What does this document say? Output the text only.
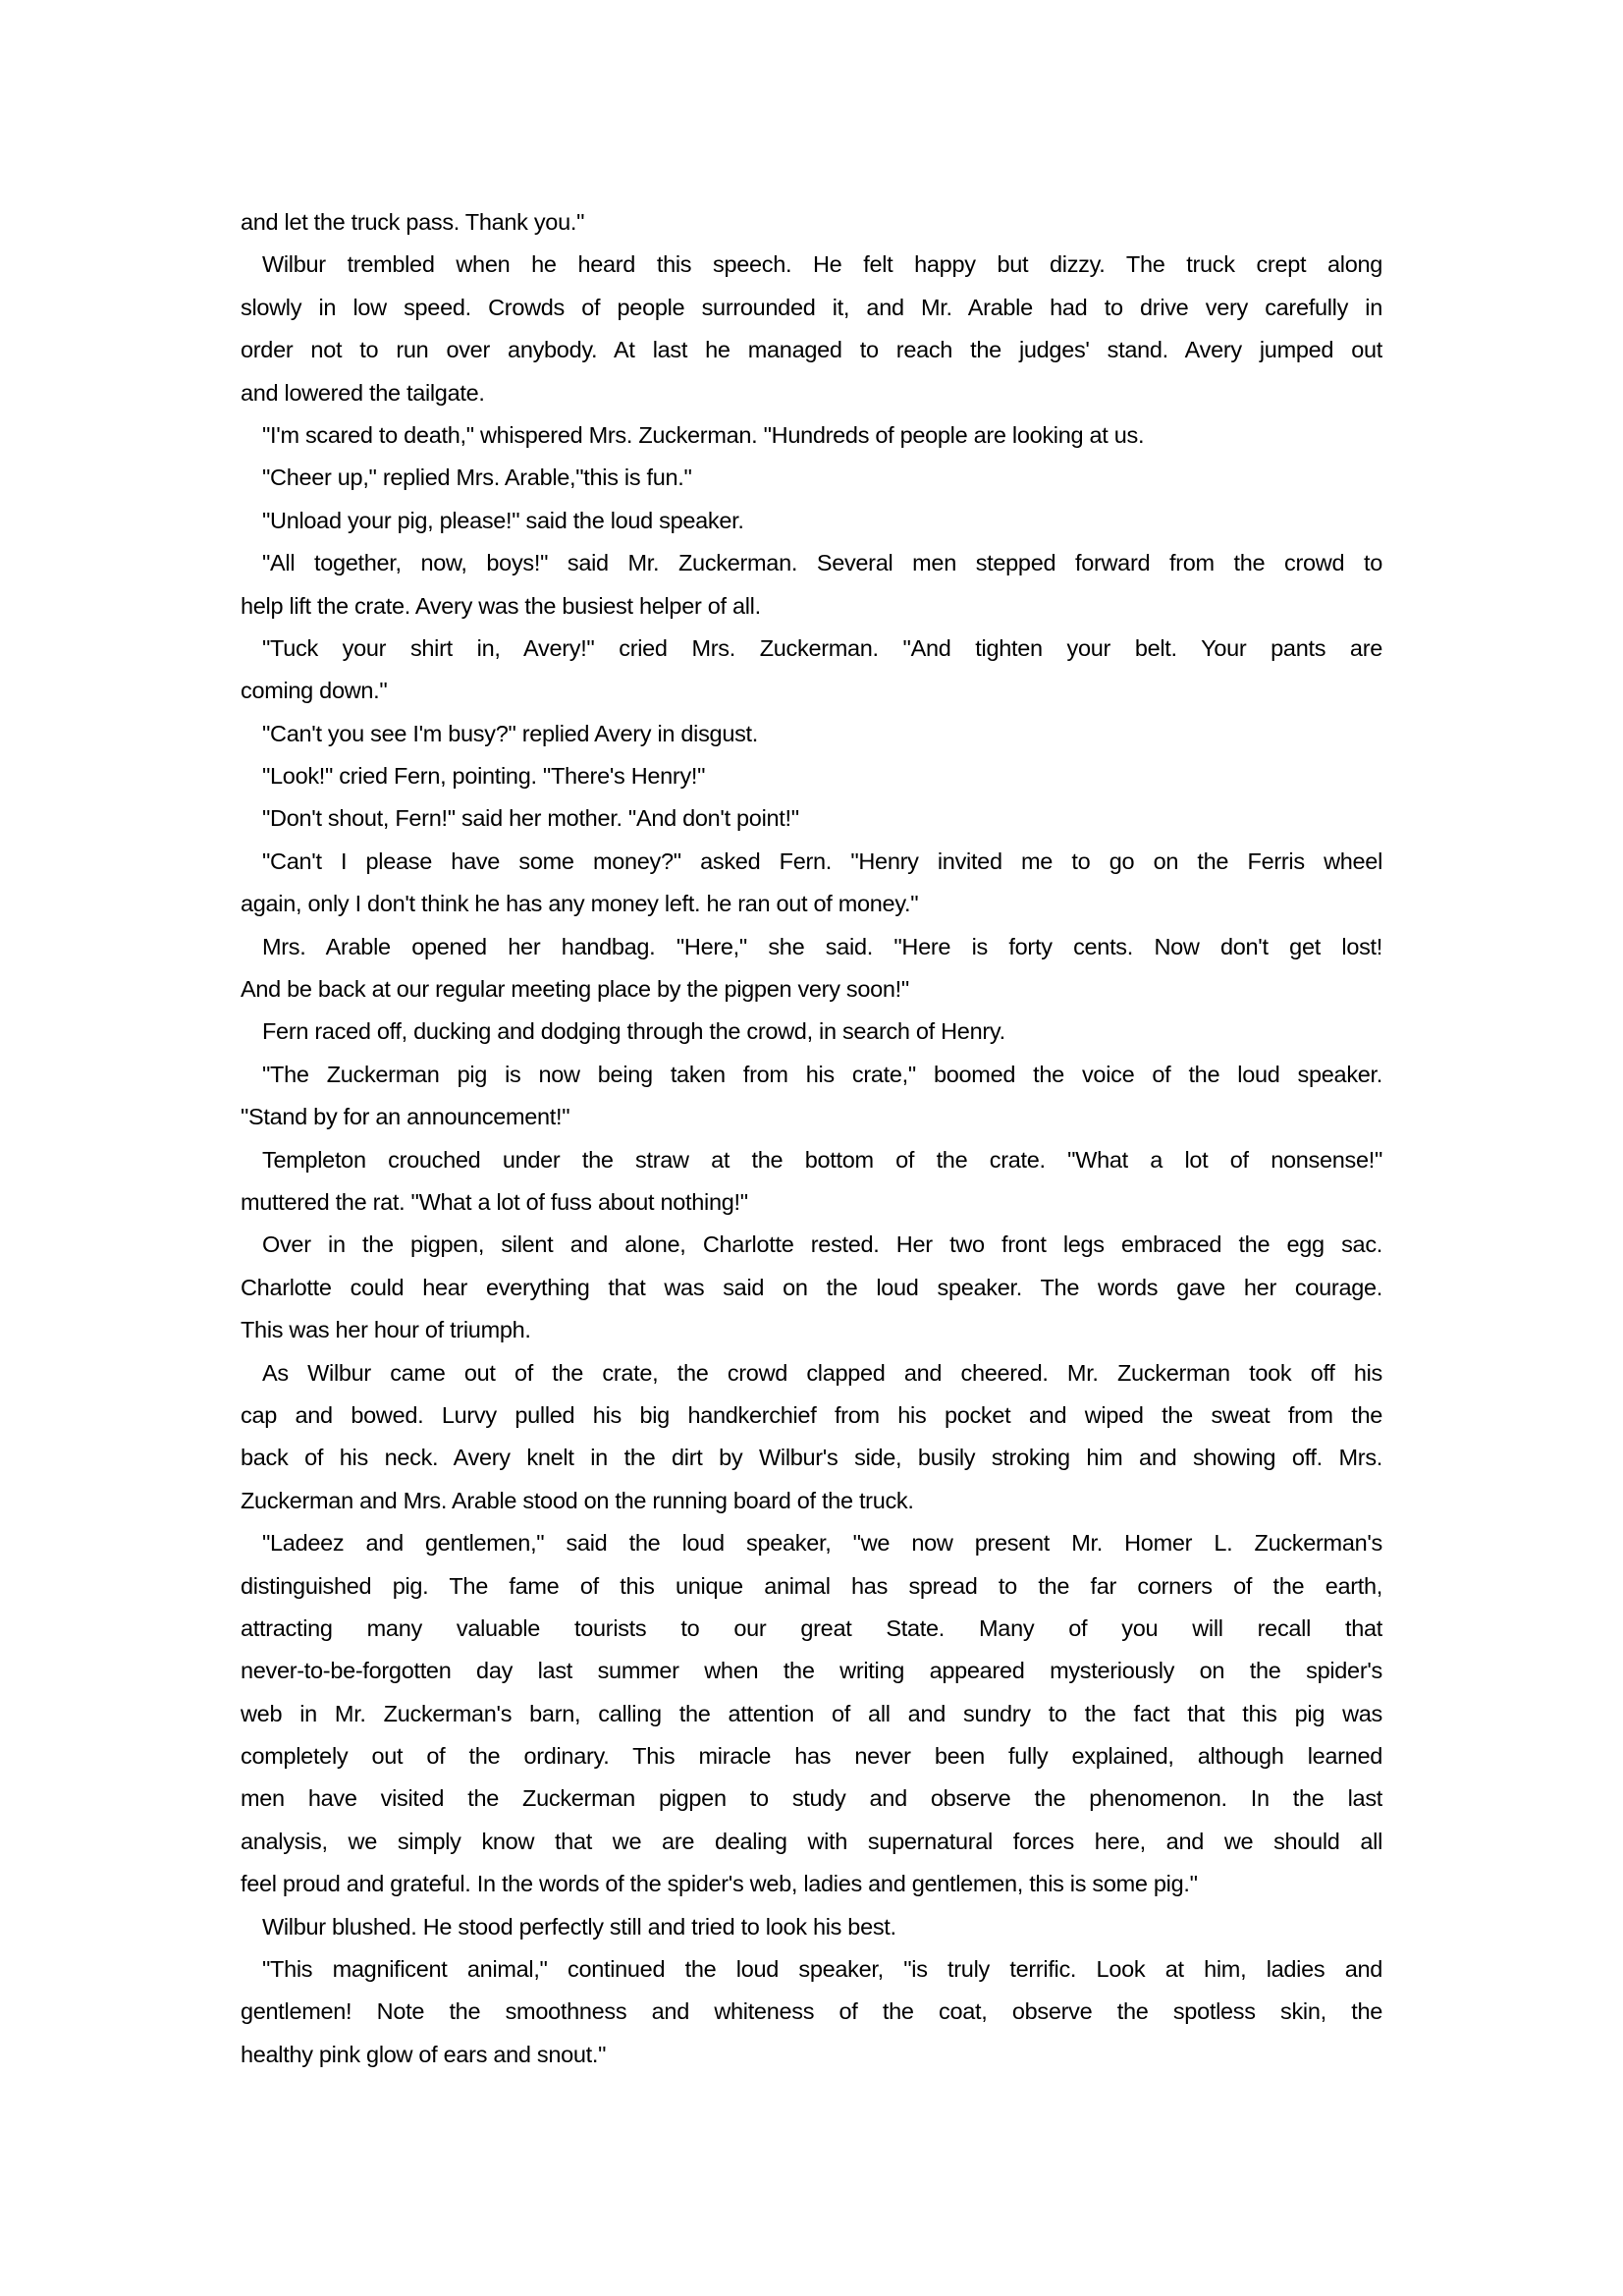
and let the truck pass. Thank you."
Wilbur trembled when he heard this speech. He felt happy but dizzy. The truck crept along
slowly in low speed. Crowds of people surrounded it, and Mr. Arable had to drive very carefully in
order not to run over anybody. At last he managed to reach the judges' stand. Avery jumped out
and lowered the tailgate.
"I'm scared to death," whispered Mrs. Zuckerman. "Hundreds of people are looking at us.
"Cheer up," replied Mrs. Arable,"this is fun."
"Unload your pig, please!" said the loud speaker.
"All together, now, boys!" said Mr. Zuckerman. Several men stepped forward from the crowd to
help lift the crate. Avery was the busiest helper of all.
"Tuck your shirt in, Avery!" cried Mrs. Zuckerman. "And tighten your belt. Your pants are
coming down."
"Can't you see I'm busy?" replied Avery in disgust.
"Look!" cried Fern, pointing. "There's Henry!"
"Don't shout, Fern!" said her mother. "And don't point!"
"Can't I please have some money?" asked Fern. "Henry invited me to go on the Ferris wheel
again, only I don't think he has any money left. he ran out of money."
Mrs. Arable opened her handbag. "Here," she said. "Here is forty cents. Now don't get lost!
And be back at our regular meeting place by the pigpen very soon!"
Fern raced off, ducking and dodging through the crowd, in search of Henry.
"The Zuckerman pig is now being taken from his crate," boomed the voice of the loud speaker.
"Stand by for an announcement!"
Templeton crouched under the straw at the bottom of the crate. "What a lot of nonsense!"
muttered the rat. "What a lot of fuss about nothing!"
Over in the pigpen, silent and alone, Charlotte rested. Her two front legs embraced the egg sac.
Charlotte could hear everything that was said on the loud speaker. The words gave her courage.
This was her hour of triumph.
As Wilbur came out of the crate, the crowd clapped and cheered. Mr. Zuckerman took off his
cap and bowed. Lurvy pulled his big handkerchief from his pocket and wiped the sweat from the
back of his neck. Avery knelt in the dirt by Wilbur's side, busily stroking him and showing off. Mrs.
Zuckerman and Mrs. Arable stood on the running board of the truck.
"Ladeez and gentlemen," said the loud speaker, "we now present Mr. Homer L. Zuckerman's
distinguished pig. The fame of this unique animal has spread to the far corners of the earth,
attracting many valuable tourists to our great State. Many of you will recall that
never-to-be-forgotten day last summer when the writing appeared mysteriously on the spider's
web in Mr. Zuckerman's barn, calling the attention of all and sundry to the fact that this pig was
completely out of the ordinary. This miracle has never been fully explained, although learned
men have visited the Zuckerman pigpen to study and observe the phenomenon. In the last
analysis, we simply know that we are dealing with supernatural forces here, and we should all
feel proud and grateful. In the words of the spider's web, ladies and gentlemen, this is some pig."
Wilbur blushed. He stood perfectly still and tried to look his best.
"This magnificent animal," continued the loud speaker, "is truly terrific. Look at him, ladies and
gentlemen! Note the smoothness and whiteness of the coat, observe the spotless skin, the
healthy pink glow of ears and snout."
